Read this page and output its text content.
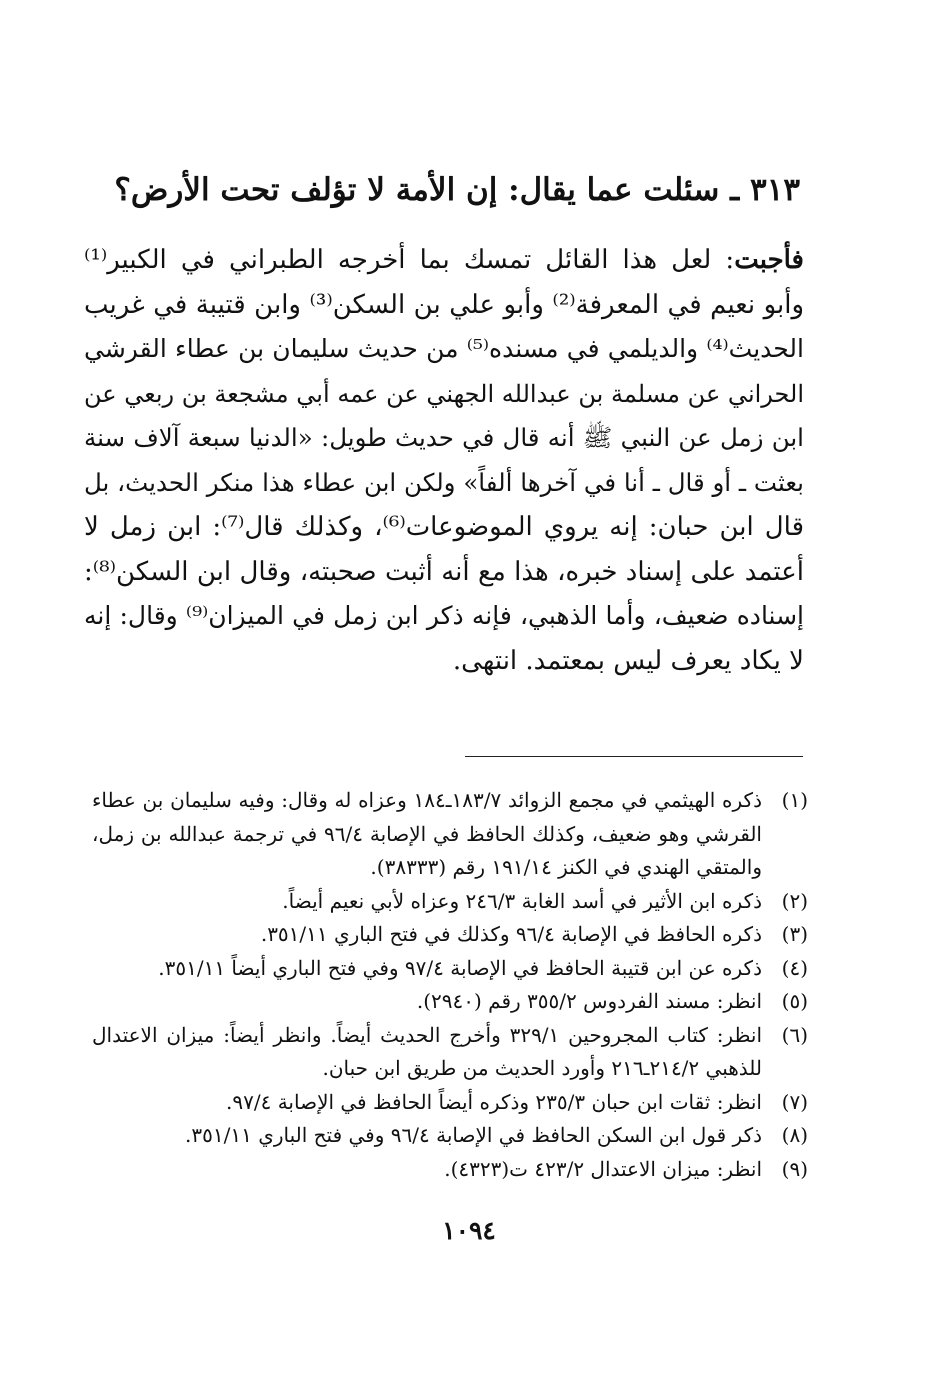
٣١٣ ـ سئلت عما يقال: إن الأمة لا تؤلف تحت الأرض؟
فأجبت: لعل هذا القائل تمسك بما أخرجه الطبراني في الكبير⁽¹⁾
وأبو نعيم في المعرفة⁽²⁾ وأبو علي بن السكن⁽³⁾ وابن قتيبة في غريب
الحديث⁽⁴⁾ والديلمي في مسنده⁽⁵⁾ من حديث سليمان بن عطاء القرشي
الحراني عن مسلمة بن عبدالله الجهني عن عمه أبي مشجعة بن ربعي عن
ابن زمل عن النبي ﷺ أنه قال في حديث طويل: «الدنيا سبعة آلاف سنة
بعثت ـ أو قال ـ أنا في آخرها ألفاً» ولكن ابن عطاء هذا منكر الحديث، بل
قال ابن حبان: إنه يروي الموضوعات⁽⁶⁾، وكذلك قال⁽⁷⁾: ابن زمل لا
أعتمد على إسناد خبره، هذا مع أنه أثبت صحبته، وقال ابن السكن⁽⁸⁾:
إسناده ضعيف، وأما الذهبي، فإنه ذكر ابن زمل في الميزان⁽⁹⁾ وقال: إنه
لا يكاد يعرف ليس بمعتمد. انتهى.
(١)
ذكره الهيثمي في مجمع الزوائد ١٨٣/٧ـ١٨٤ وعزاه له وقال: وفيه سليمان بن عطاء
القرشي وهو ضعيف، وكذلك الحافظ في الإصابة ٩٦/٤ في ترجمة عبدالله بن زمل،
والمتقي الهندي في الكنز ١٩١/١٤ رقم (٣٨٣٣٣).
(٢)
ذكره ابن الأثير في أسد الغابة ٢٤٦/٣ وعزاه لأبي نعيم أيضاً.
(٣)
ذكره الحافظ في الإصابة ٩٦/٤ وكذلك في فتح الباري ٣٥١/١١.
(٤)
ذكره عن ابن قتيبة الحافظ في الإصابة ٩٧/٤ وفي فتح الباري أيضاً ٣٥١/١١.
(٥)
انظر: مسند الفردوس ٣٥٥/٢ رقم (٢٩٤٠).
(٦)
انظر: كتاب المجروحين ٣٢٩/١ وأخرج الحديث أيضاً. وانظر أيضاً: ميزان الاعتدال
للذهبي ٢١٤/٢ـ٢١٦ وأورد الحديث من طريق ابن حبان.
(٧)
انظر: ثقات ابن حبان ٢٣٥/٣ وذكره أيضاً الحافظ في الإصابة ٩٧/٤.
(٨)
ذكر قول ابن السكن الحافظ في الإصابة ٩٦/٤ وفي فتح الباري ٣٥١/١١.
(٩)
انظر: ميزان الاعتدال ٤٢٣/٢ ت(٤٣٢٣).
١٠٩٤
